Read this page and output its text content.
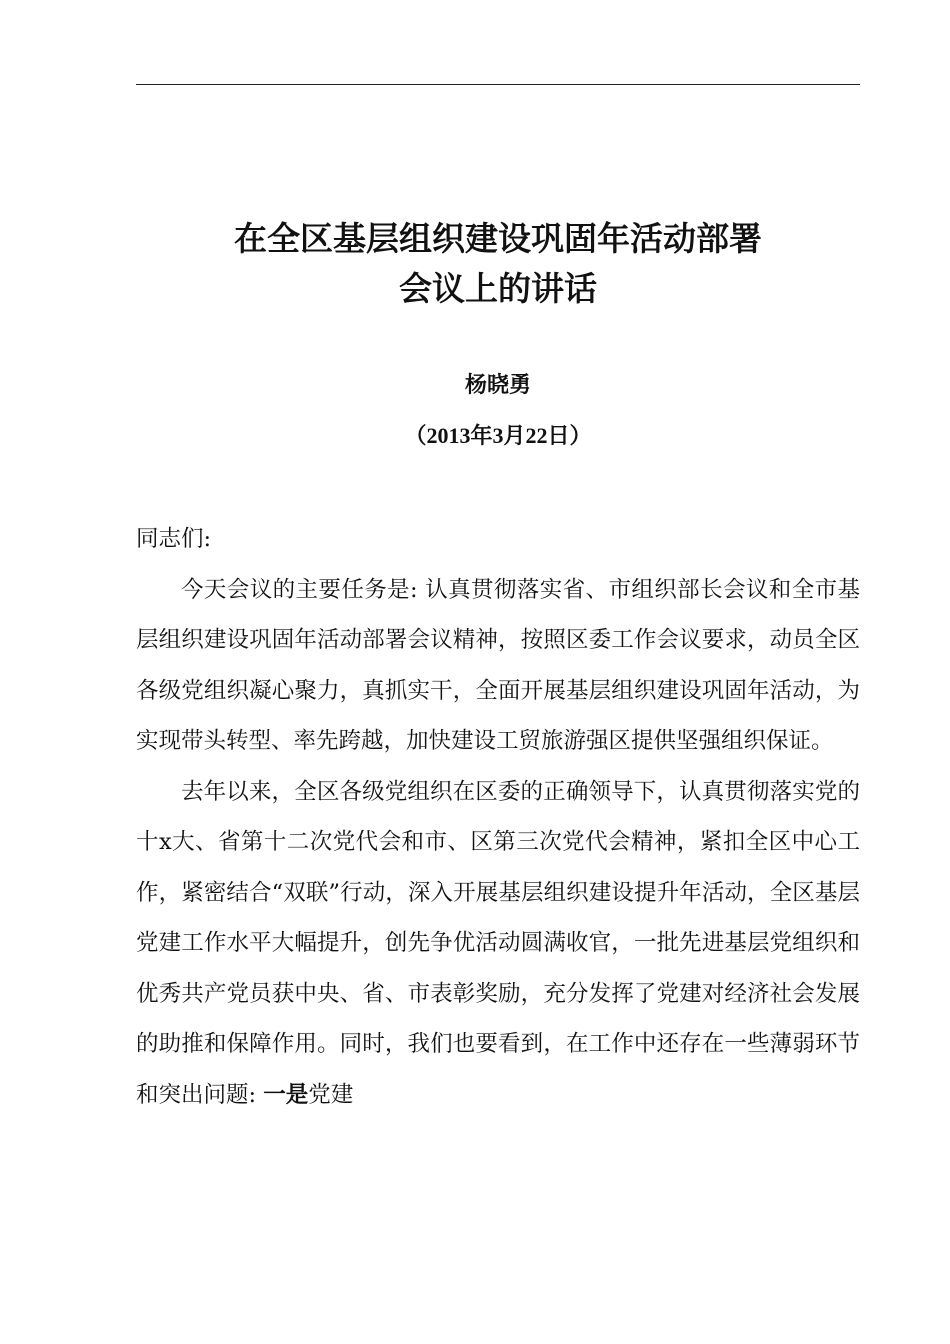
在全区基层组织建设巩固年活动部署
会议上的讲话
杨晓勇
（2013年3月22日）

同志们:

今天会议的主要任务是: 认真贯彻落实省、市组织部长会议和全市基层组织建设巩固年活动部署会议精神，按照区委工作会议要求，动员全区各级党组织凝心聚力，真抓实干，全面开展基层组织建设巩固年活动，为实现带头转型、率先跨越，加快建设工贸旅游强区提供坚强组织保证。

去年以来，全区各级党组织在区委的正确领导下，认真贯彻落实党的十x大、省第十二次党代会和市、区第三次党代会精神，紧扣全区中心工作，紧密结合“双联”行动，深入开展基层组织建设提升年活动，全区基层党建工作水平大幅提升，创先争优活动圆满收官，一批先进基层党组织和优秀共产党员获中央、省、市表彰奖励，充分发挥了党建对经济社会发展的助推和保障作用。同时，我们也要看到，在工作中还存在一些薄弱环节和突出问题: 一是党建
